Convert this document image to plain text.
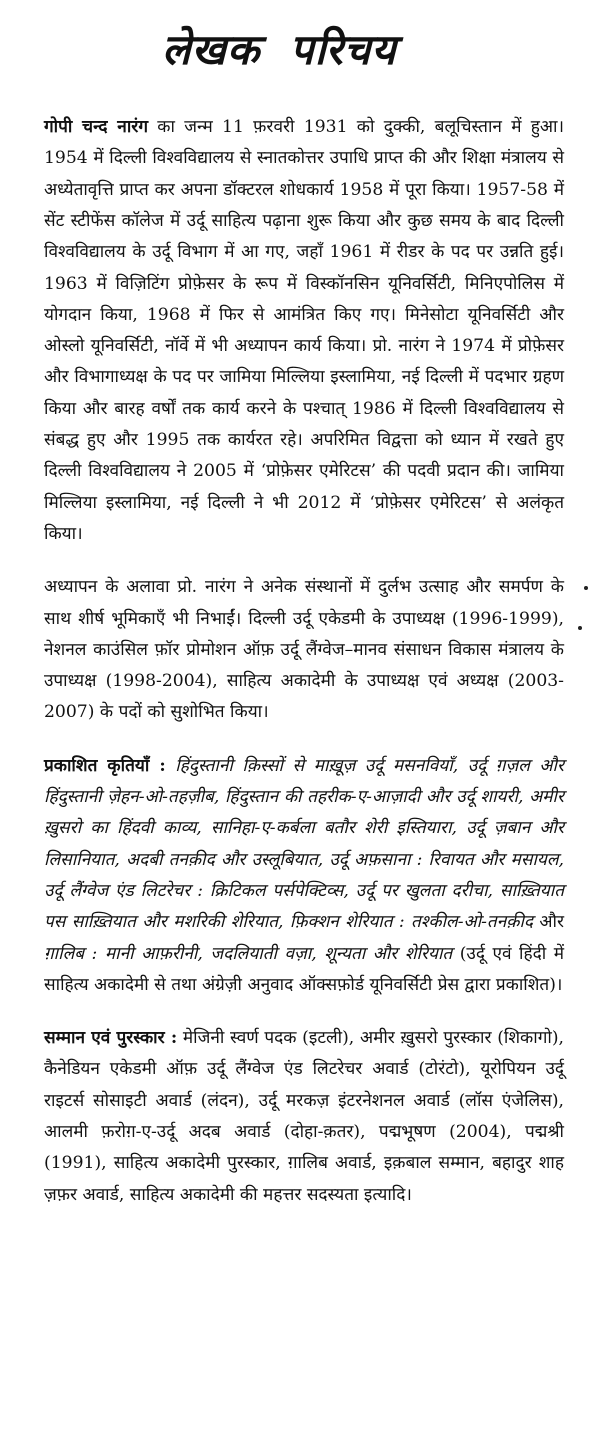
लेखक परिचय

गोपी चन्द नारंग का जन्म 11 फ़रवरी 1931 को दुक्की, बलूचिस्तान में हुआ। 1954 में दिल्ली विश्वविद्यालय से स्नातकोत्तर उपाधि प्राप्त की और शिक्षा मंत्रालय से अध्येतावृत्ति प्राप्त कर अपना डॉक्टरल शोधकार्य 1958 में पूरा किया। 1957-58 में सेंट स्टीफेंस कॉलेज में उर्दू साहित्य पढ़ाना शुरू किया और कुछ समय के बाद दिल्ली विश्वविद्यालय के उर्दू विभाग में आ गए, जहाँ 1961 में रीडर के पद पर उन्नति हुई। 1963 में विज़िटिंग प्रोफ़ेसर के रूप में विस्कॉनसिन यूनिवर्सिटी, मिनिएपोलिस में योगदान किया, 1968 में फिर से आमंत्रित किए गए। मिनेसोटा यूनिवर्सिटी और ओस्लो यूनिवर्सिटी, नॉर्वे में भी अध्यापन कार्य किया। प्रो. नारंग ने 1974 में प्रोफ़ेसर और विभागाध्यक्ष के पद पर जामिया मिल्लिया इस्लामिया, नई दिल्ली में पदभार ग्रहण किया और बारह वर्षों तक कार्य करने के पश्चात् 1986 में दिल्ली विश्वविद्यालय से संबद्ध हुए और 1995 तक कार्यरत रहे। अपरिमित विद्वत्ता को ध्यान में रखते हुए दिल्ली विश्वविद्यालय ने 2005 में ‘प्रोफ़ेसर एमेरिटस’ की पदवी प्रदान की। जामिया मिल्लिया इस्लामिया, नई दिल्ली ने भी 2012 में ‘प्रोफ़ेसर एमेरिटस’ से अलंकृत किया।

अध्यापन के अलावा प्रो. नारंग ने अनेक संस्थानों में दुर्लभ उत्साह और समर्पण के साथ शीर्ष भूमिकाएँ भी निभाईं। दिल्ली उर्दू एकेडमी के उपाध्यक्ष (1996-1999), नेशनल काउंसिल फ़ॉर प्रोमोशन ऑफ़ उर्दू लैंग्वेज–मानव संसाधन विकास मंत्रालय के उपाध्यक्ष (1998-2004), साहित्य अकादेमी के उपाध्यक्ष एवं अध्यक्ष (2003-2007) के पदों को सुशोभित किया।

प्रकाशित कृतियाँ : हिंदुस्तानी क़िस्सों से माख़ूज़ उर्दू मसनवियाँ, उर्दू ग़ज़ल और हिंदुस्तानी ज़ेहन-ओ-तहज़ीब, हिंदुस्तान की तहरीक-ए-आज़ादी और उर्दू शायरी, अमीर ख़ुसरो का हिंदवी काव्य, सानिहा-ए-कर्बला बतौर शेरी इस्तियारा, उर्दू ज़बान और लिसानियात, अदबी तनक़ीद और उस्लूबियात, उर्दू अफ़साना : रिवायत और मसायल, उर्दू लैंग्वेज एंड लिटरेचर : क्रिटिकल पर्सपेक्टिव्स, उर्दू पर खुलता दरीचा, साख़्तियात पस साख़्तियात और मशरिकी शेरियात, फ़िक्शन शेरियात : तश्कील-ओ-तनक़ीद और ग़ालिब : मानी आफ़रीनी, जदलियाती वज़ा, शून्यता और शेरियात (उर्दू एवं हिंदी में साहित्य अकादेमी से तथा अंग्रेज़ी अनुवाद ऑक्सफ़ोर्ड यूनिवर्सिटी प्रेस द्वारा प्रकाशित)।

सम्मान एवं पुरस्कार : मेजिनी स्वर्ण पदक (इटली), अमीर ख़ुसरो पुरस्कार (शिकागो), कैनेडियन एकेडमी ऑफ़ उर्दू लैंग्वेज एंड लिटरेचर अवार्ड (टोरंटो), यूरोपियन उर्दू राइटर्स सोसाइटी अवार्ड (लंदन), उर्दू मरकज़ इंटरनेशनल अवार्ड (लॉस एंजेलिस), आलमी फ़रोग़-ए-उर्दू अदब अवार्ड (दोहा-क़तर), पद्मभूषण (2004), पद्मश्री (1991), साहित्य अकादेमी पुरस्कार, ग़ालिब अवार्ड, इक़बाल सम्मान, बहादुर शाह ज़फ़र अवार्ड, साहित्य अकादेमी की महत्तर सदस्यता इत्यादि।
